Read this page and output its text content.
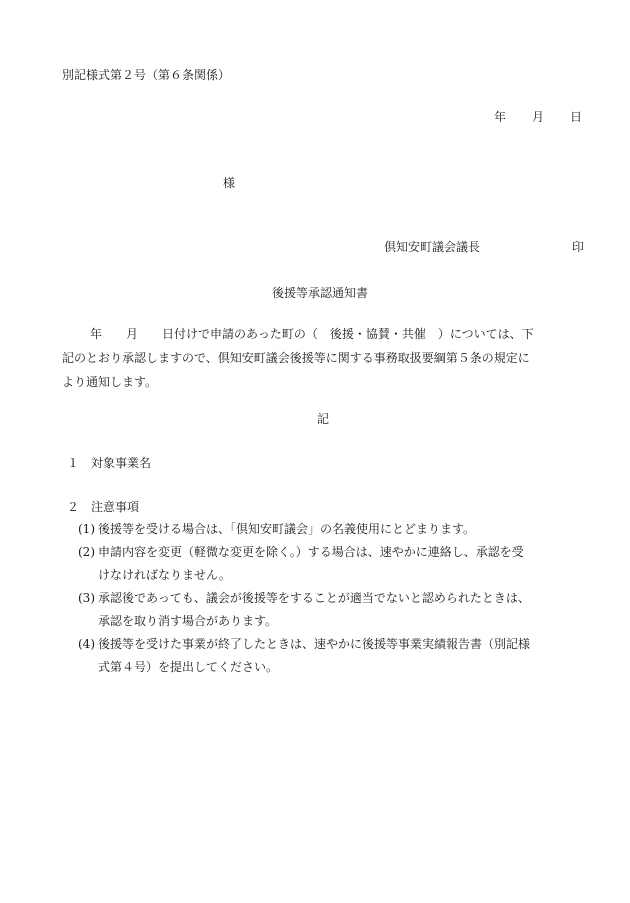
別記様式第２号（第６条関係）
年 月 日
様
倶知安町議会議長	印
後援等承認通知書
年　　月　　日付けで申請のあった町の（　後援・協賛・共催　）については、下
記のとおり承認しますので、倶知安町議会後援等に関する事務取扱要綱第５条の規定に
より通知します。
記
１ 対象事業名
２ 注意事項
(1) 後援等を受ける場合は、「倶知安町議会」の名義使用にとどまります。
(2) 申請内容を変更（軽微な変更を除く。）する場合は、速やかに連絡し、承認を受
けなければなりません。
(3) 承認後であっても、議会が後援等をすることが適当でないと認められたときは、
承認を取り消す場合があります。
(4) 後援等を受けた事業が終了したときは、速やかに後援等事業実績報告書（別記様
式第４号）を提出してください。
